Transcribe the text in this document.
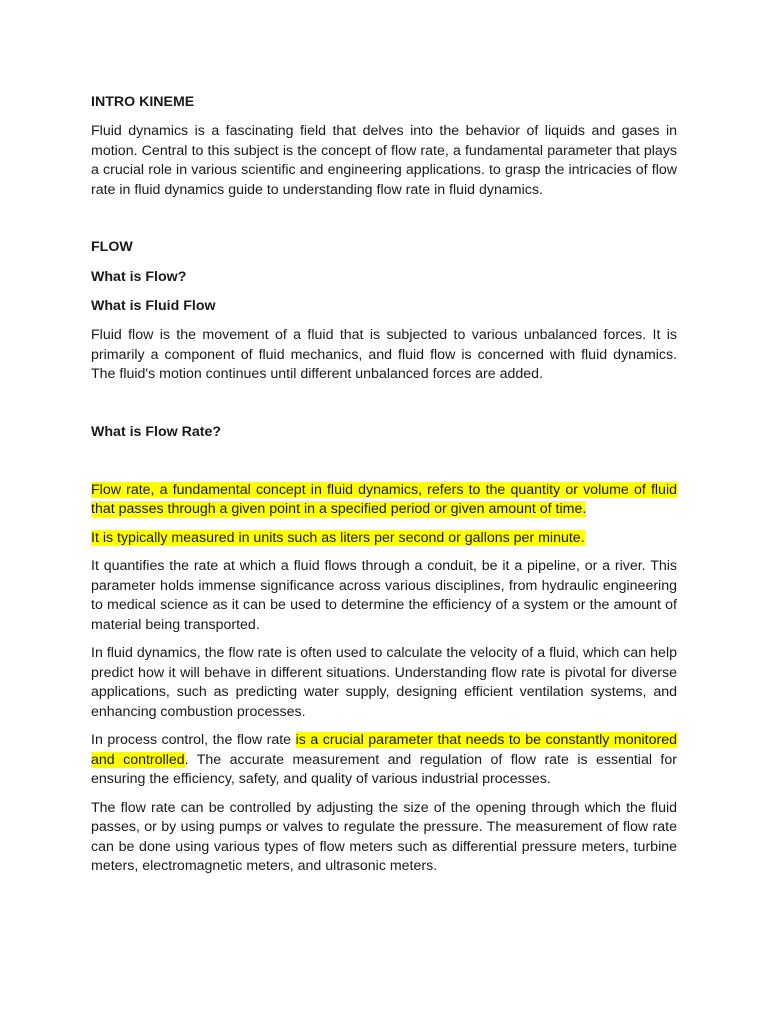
INTRO KINEME

Fluid dynamics is a fascinating field that delves into the behavior of liquids and gases in motion. Central to this subject is the concept of flow rate, a fundamental parameter that plays a crucial role in various scientific and engineering applications. to grasp the intricacies of flow rate in fluid dynamics guide to understanding flow rate in fluid dynamics.

FLOW
What is Flow?
What is Fluid Flow

Fluid flow is the movement of a fluid that is subjected to various unbalanced forces. It is primarily a component of fluid mechanics, and fluid flow is concerned with fluid dynamics. The fluid's motion continues until different unbalanced forces are added.

What is Flow Rate?

Flow rate, a fundamental concept in fluid dynamics, refers to the quantity or volume of fluid that passes through a given point in a specified period or given amount of time.

It is typically measured in units such as liters per second or gallons per minute.

It quantifies the rate at which a fluid flows through a conduit, be it a pipeline, or a river. This parameter holds immense significance across various disciplines, from hydraulic engineering to medical science as it can be used to determine the efficiency of a system or the amount of material being transported.

In fluid dynamics, the flow rate is often used to calculate the velocity of a fluid, which can help predict how it will behave in different situations. Understanding flow rate is pivotal for diverse applications, such as predicting water supply, designing efficient ventilation systems, and enhancing combustion processes.

In process control, the flow rate is a crucial parameter that needs to be constantly monitored and controlled. The accurate measurement and regulation of flow rate is essential for ensuring the efficiency, safety, and quality of various industrial processes.

The flow rate can be controlled by adjusting the size of the opening through which the fluid passes, or by using pumps or valves to regulate the pressure. The measurement of flow rate can be done using various types of flow meters such as differential pressure meters, turbine meters, electromagnetic meters, and ultrasonic meters.
